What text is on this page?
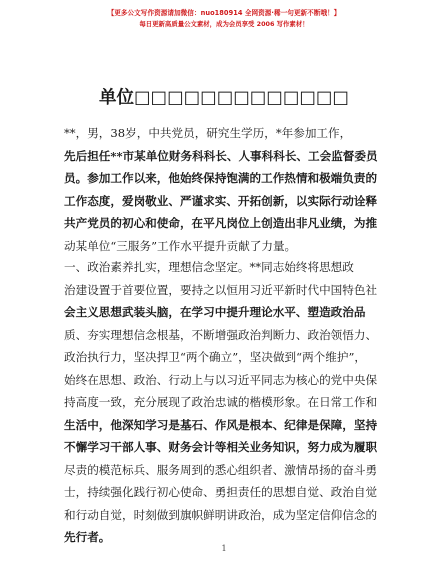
【更多公文写作资源请加微信：nuo180914 全网资源·稀一句更新不断哦！】
每日更新高质量公文素材，成为会员享受 2006 写作素材！
单位□□□□□□□□□□□□□
**，男，38岁，中共党员，研究生学历，*年参加工作，
先后担任**市某单位财务科科长、人事科科长、工会监督委员
员。参加工作以来，他始终保持饱满的工作热情和极端负责的
工作态度，爱岗敬业、严谨求实、开拓创新，以实际行动诠释
共产党员的初心和使命，在平凡岗位上创造出非凡业绩，为推
动某单位“三服务”工作水平提升贡献了力量。
一、政治素养扎实，理想信念坚定。**同志始终将思想政
治建设置于首要位置，要持之以恒用习近平新时代中国特色社
会主义思想武装头脑，在学习中提升理论水平、塑造政治品
质、夯实理想信念根基，不断增强政治判断力、政治领悟力、
政治执行力，坚决捍卫“两个确立”，坚决做到“两个维护”，
始终在思想、政治、行动上与以习近平同志为核心的党中央保
持高度一致，充分展现了政治忠诚的楷模形象。在日常工作和
生活中，他深知学习是基石、作风是根本、纪律是保障，坚持
不懈学习干部人事、财务会计等相关业务知识，努力成为履职
尽责的模范标兵、服务周到的悉心组织者、激情昂扬的奋斗勇
士，持续强化践行初心使命、勇担责任的思想自觉、政治自觉
和行动自觉，时刻做到旗帜鲜明讲政治，成为坚定信仰信念的
先行者。
1
